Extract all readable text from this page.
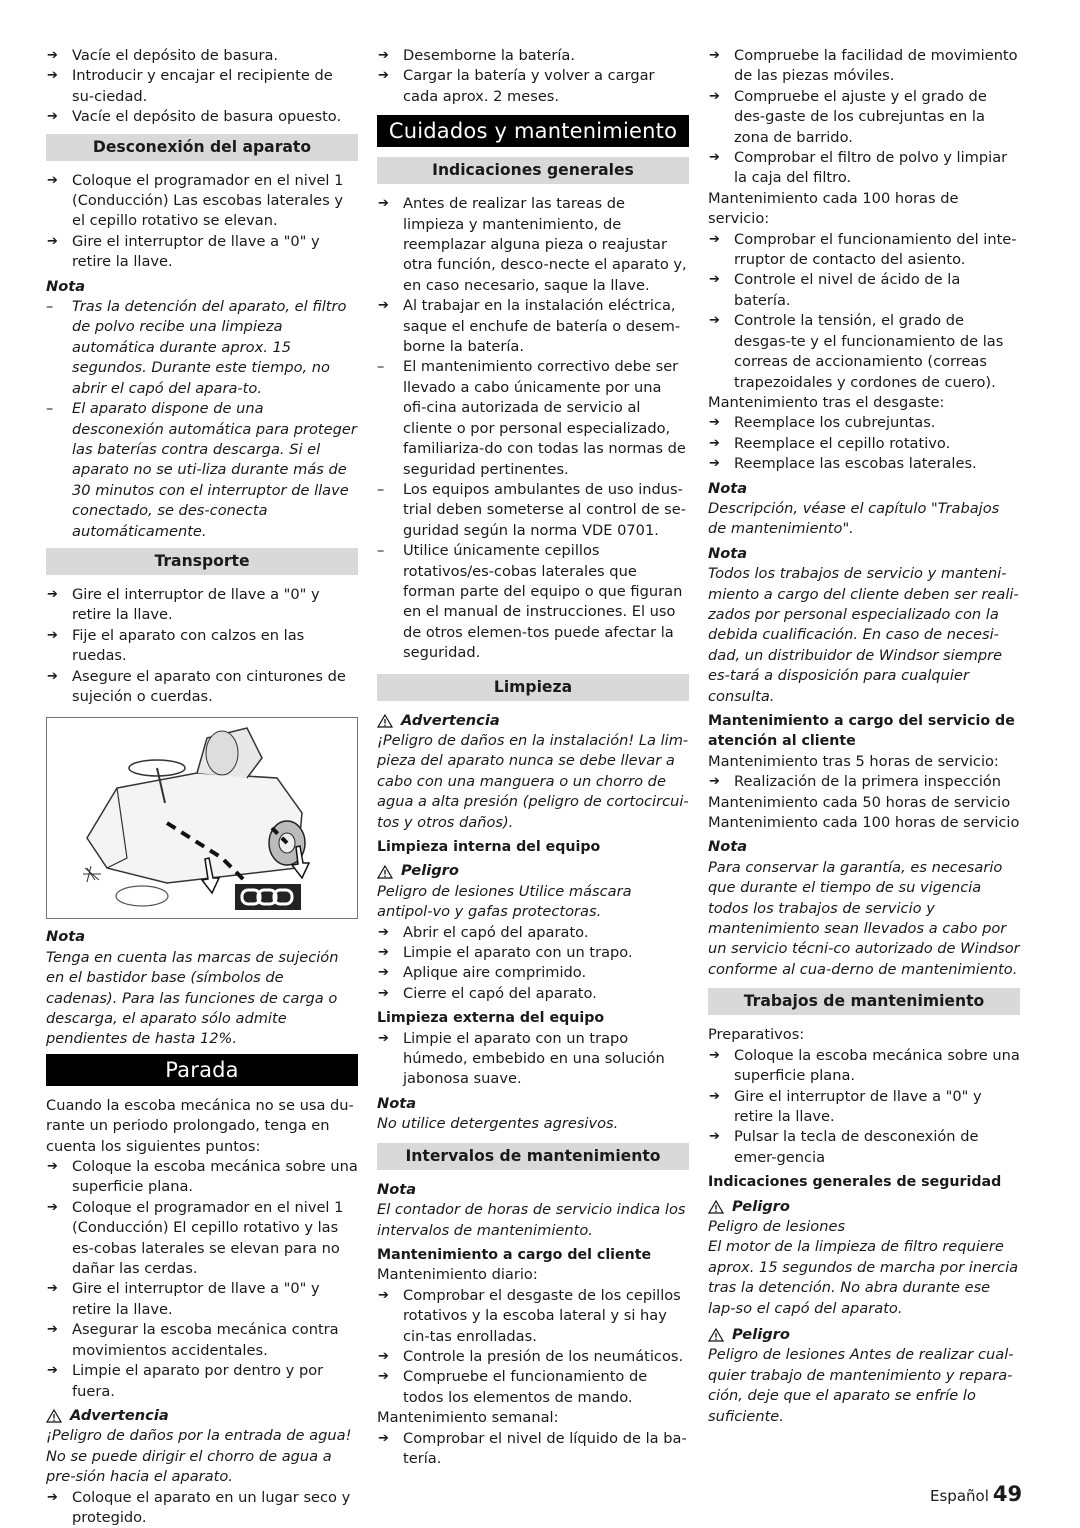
➔ Vacíe el depósito de basura.
➔ Introducir y encajar el recipiente de su-ciedad.
➔ Vacíe el depósito de basura opuesto.
Desconexión del aparato
➔ Coloque el programador en el nivel 1 (Conducción) Las escobas laterales y el cepillo rotativo se elevan.
➔ Gire el interruptor de llave a "0" y retire la llave.
Nota
– Tras la detención del aparato, el filtro de polvo recibe una limpieza automática durante aprox. 15 segundos. Durante este tiempo, no abrir el capó del apara-to.
– El aparato dispone de una desconexión automática para proteger las baterías contra descarga. Si el aparato no se uti-liza durante más de 30 minutos con el interruptor de llave conectado, se des-conecta automáticamente.
Transporte
➔ Gire el interruptor de llave a "0" y retire la llave.
➔ Fije el aparato con calzos en las ruedas.
➔ Asegure el aparato con cinturones de sujeción o cuerdas.
Nota
Tenga en cuenta las marcas de sujeción en el bastidor base (símbolos de cadenas). Para las funciones de carga o descarga, el aparato sólo admite pendientes de hasta 12%.
Parada
Cuando la escoba mecánica no se usa du-rante un periodo prolongado, tenga en cuenta los siguientes puntos:
➔ Coloque la escoba mecánica sobre una superficie plana.
➔ Coloque el programador en el nivel 1 (Conducción) El cepillo rotativo y las es-cobas laterales se elevan para no dañar las cerdas.
➔ Gire el interruptor de llave a "0" y retire la llave.
➔ Asegurar la escoba mecánica contra movimientos accidentales.
➔ Limpie el aparato por dentro y por fuera.
Advertencia
¡Peligro de daños por la entrada de agua! No se puede dirigir el chorro de agua a pre-sión hacia el aparato.
➔ Coloque el aparato en un lugar seco y protegido.
➔ Desemborne la batería.
➔ Cargar la batería y volver a cargar cada aprox. 2 meses.
Cuidados y mantenimiento
Indicaciones generales
➔ Antes de realizar las tareas de limpieza y mantenimiento, de reemplazar alguna pieza o reajustar otra función, desco-necte el aparato y, en caso necesario, saque la llave.
➔ Al trabajar en la instalación eléctrica, saque el enchufe de batería o desem-borne la batería.
– El mantenimiento correctivo debe ser llevado a cabo únicamente por una ofi-cina autorizada de servicio al cliente o por personal especializado, familiariza-do con todas las normas de seguridad pertinentes.
– Los equipos ambulantes de uso indus-trial deben someterse al control de se-guridad según la norma VDE 0701.
– Utilice únicamente cepillos rotativos/es-cobas laterales que forman parte del equipo o que figuran en el manual de instrucciones. El uso de otros elemen-tos puede afectar la seguridad.
Limpieza
Advertencia
¡Peligro de daños en la instalación! La lim-pieza del aparato nunca se debe llevar a cabo con una manguera o un chorro de agua a alta presión (peligro de cortocircui-tos y otros daños).
Limpieza interna del equipo
Peligro
Peligro de lesiones Utilice máscara antipol-vo y gafas protectoras.
➔ Abrir el capó del aparato.
➔ Limpie el aparato con un trapo.
➔ Aplique aire comprimido.
➔ Cierre el capó del aparato.
Limpieza externa del equipo
➔ Limpie el aparato con un trapo húmedo, embebido en una solución jabonosa suave.
Nota
No utilice detergentes agresivos.
Intervalos de mantenimiento
Nota
El contador de horas de servicio indica los intervalos de mantenimiento.
Mantenimiento a cargo del cliente
Mantenimiento diario:
➔ Comprobar el desgaste de los cepillos rotativos y la escoba lateral y si hay cin-tas enrolladas.
➔ Controle la presión de los neumáticos.
➔ Compruebe el funcionamiento de todos los elementos de mando.
Mantenimiento semanal:
➔ Comprobar el nivel de líquido de la ba-tería.
➔ Compruebe la facilidad de movimiento de las piezas móviles.
➔ Compruebe el ajuste y el grado de des-gaste de los cubrejuntas en la zona de barrido.
➔ Comprobar el filtro de polvo y limpiar la caja del filtro.
Mantenimiento cada 100 horas de servicio:
➔ Comprobar el funcionamiento del inte-rruptor de contacto del asiento.
➔ Controle el nivel de ácido de la batería.
➔ Controle la tensión, el grado de desgas-te y el funcionamiento de las correas de accionamiento (correas trapezoidales y cordones de cuero).
Mantenimiento tras el desgaste:
➔ Reemplace los cubrejuntas.
➔ Reemplace el cepillo rotativo.
➔ Reemplace las escobas laterales.
Nota
Descripción, véase el capítulo "Trabajos de mantenimiento".
Nota
Todos los trabajos de servicio y manteni-miento a cargo del cliente deben ser reali-zados por personal especializado con la debida cualificación. En caso de necesi-dad, un distribuidor de Windsor siempre es-tará a disposición para cualquier consulta.
Mantenimiento a cargo del servicio de atención al cliente
Mantenimiento tras 5 horas de servicio:
➔ Realización de la primera inspección
Mantenimiento cada 50 horas de servicio
Mantenimiento cada 100 horas de servicio
Nota
Para conservar la garantía, es necesario que durante el tiempo de su vigencia todos los trabajos de servicio y mantenimiento sean llevados a cabo por un servicio técni-co autorizado de Windsor conforme al cua-derno de mantenimiento.
Trabajos de mantenimiento
Preparativos:
➔ Coloque la escoba mecánica sobre una superficie plana.
➔ Gire el interruptor de llave a "0" y retire la llave.
➔ Pulsar la tecla de desconexión de emer-gencia
Indicaciones generales de seguridad
Peligro
Peligro de lesiones
El motor de la limpieza de filtro requiere aprox. 15 segundos de marcha por inercia tras la detención. No abra durante ese lap-so el capó del aparato.
Peligro
Peligro de lesiones Antes de realizar cual-quier trabajo de mantenimiento y repara-ción, deje que el aparato se enfríe lo suficiente.
Español 49
